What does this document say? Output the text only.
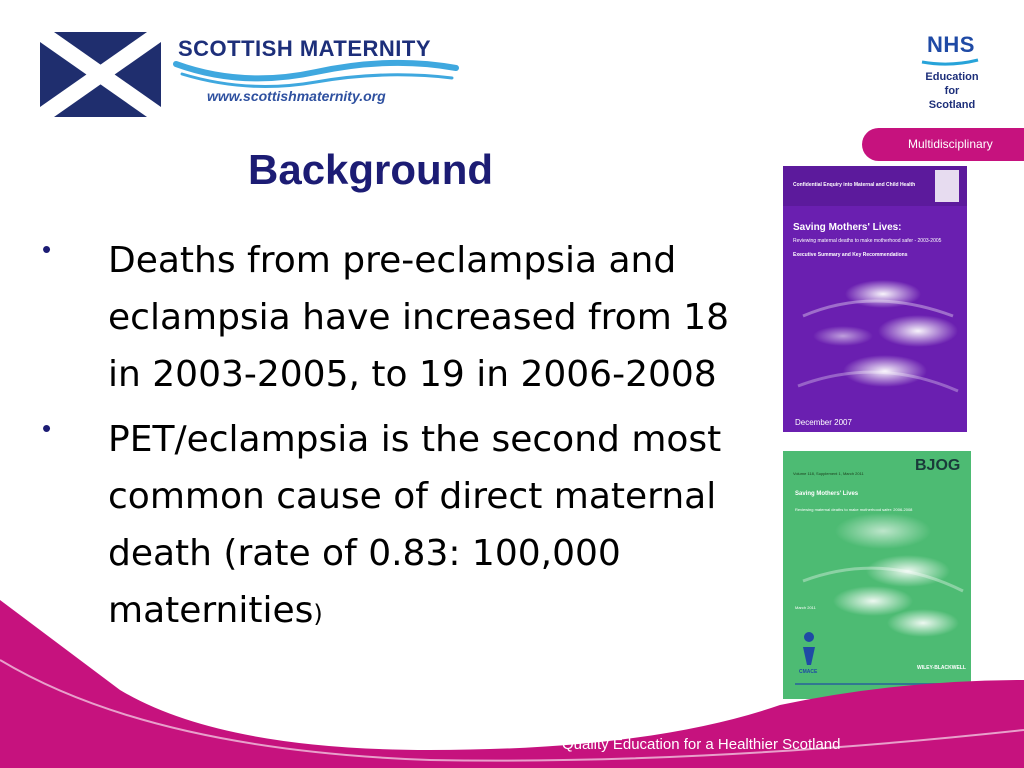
SCOTTISH MATERNITY
www.scottishmaternity.org
NHS
Education
for
Scotland
Multidisciplinary
Background
• Deaths from pre-eclampsia and eclampsia have increased from 18 in 2003-2005, to 19 in 2006-2008
• PET/eclampsia is the second most common cause of direct maternal death (rate of 0.83: 100,000 maternities)
Confidential Enquiry into Maternal and Child Health
Saving Mothers' Lives:
Reviewing maternal deaths to make motherhood safer - 2003-2005
Executive Summary and Key Recommendations
December 2007
Volume 118, Supplement 1, March 2011	BJOG
Saving Mothers' Lives
Reviewing maternal deaths to make motherhood safer: 2006-2008
March 2011
WILEY-BLACKWELL
CMACE
Quality Education for a Healthier Scotland
